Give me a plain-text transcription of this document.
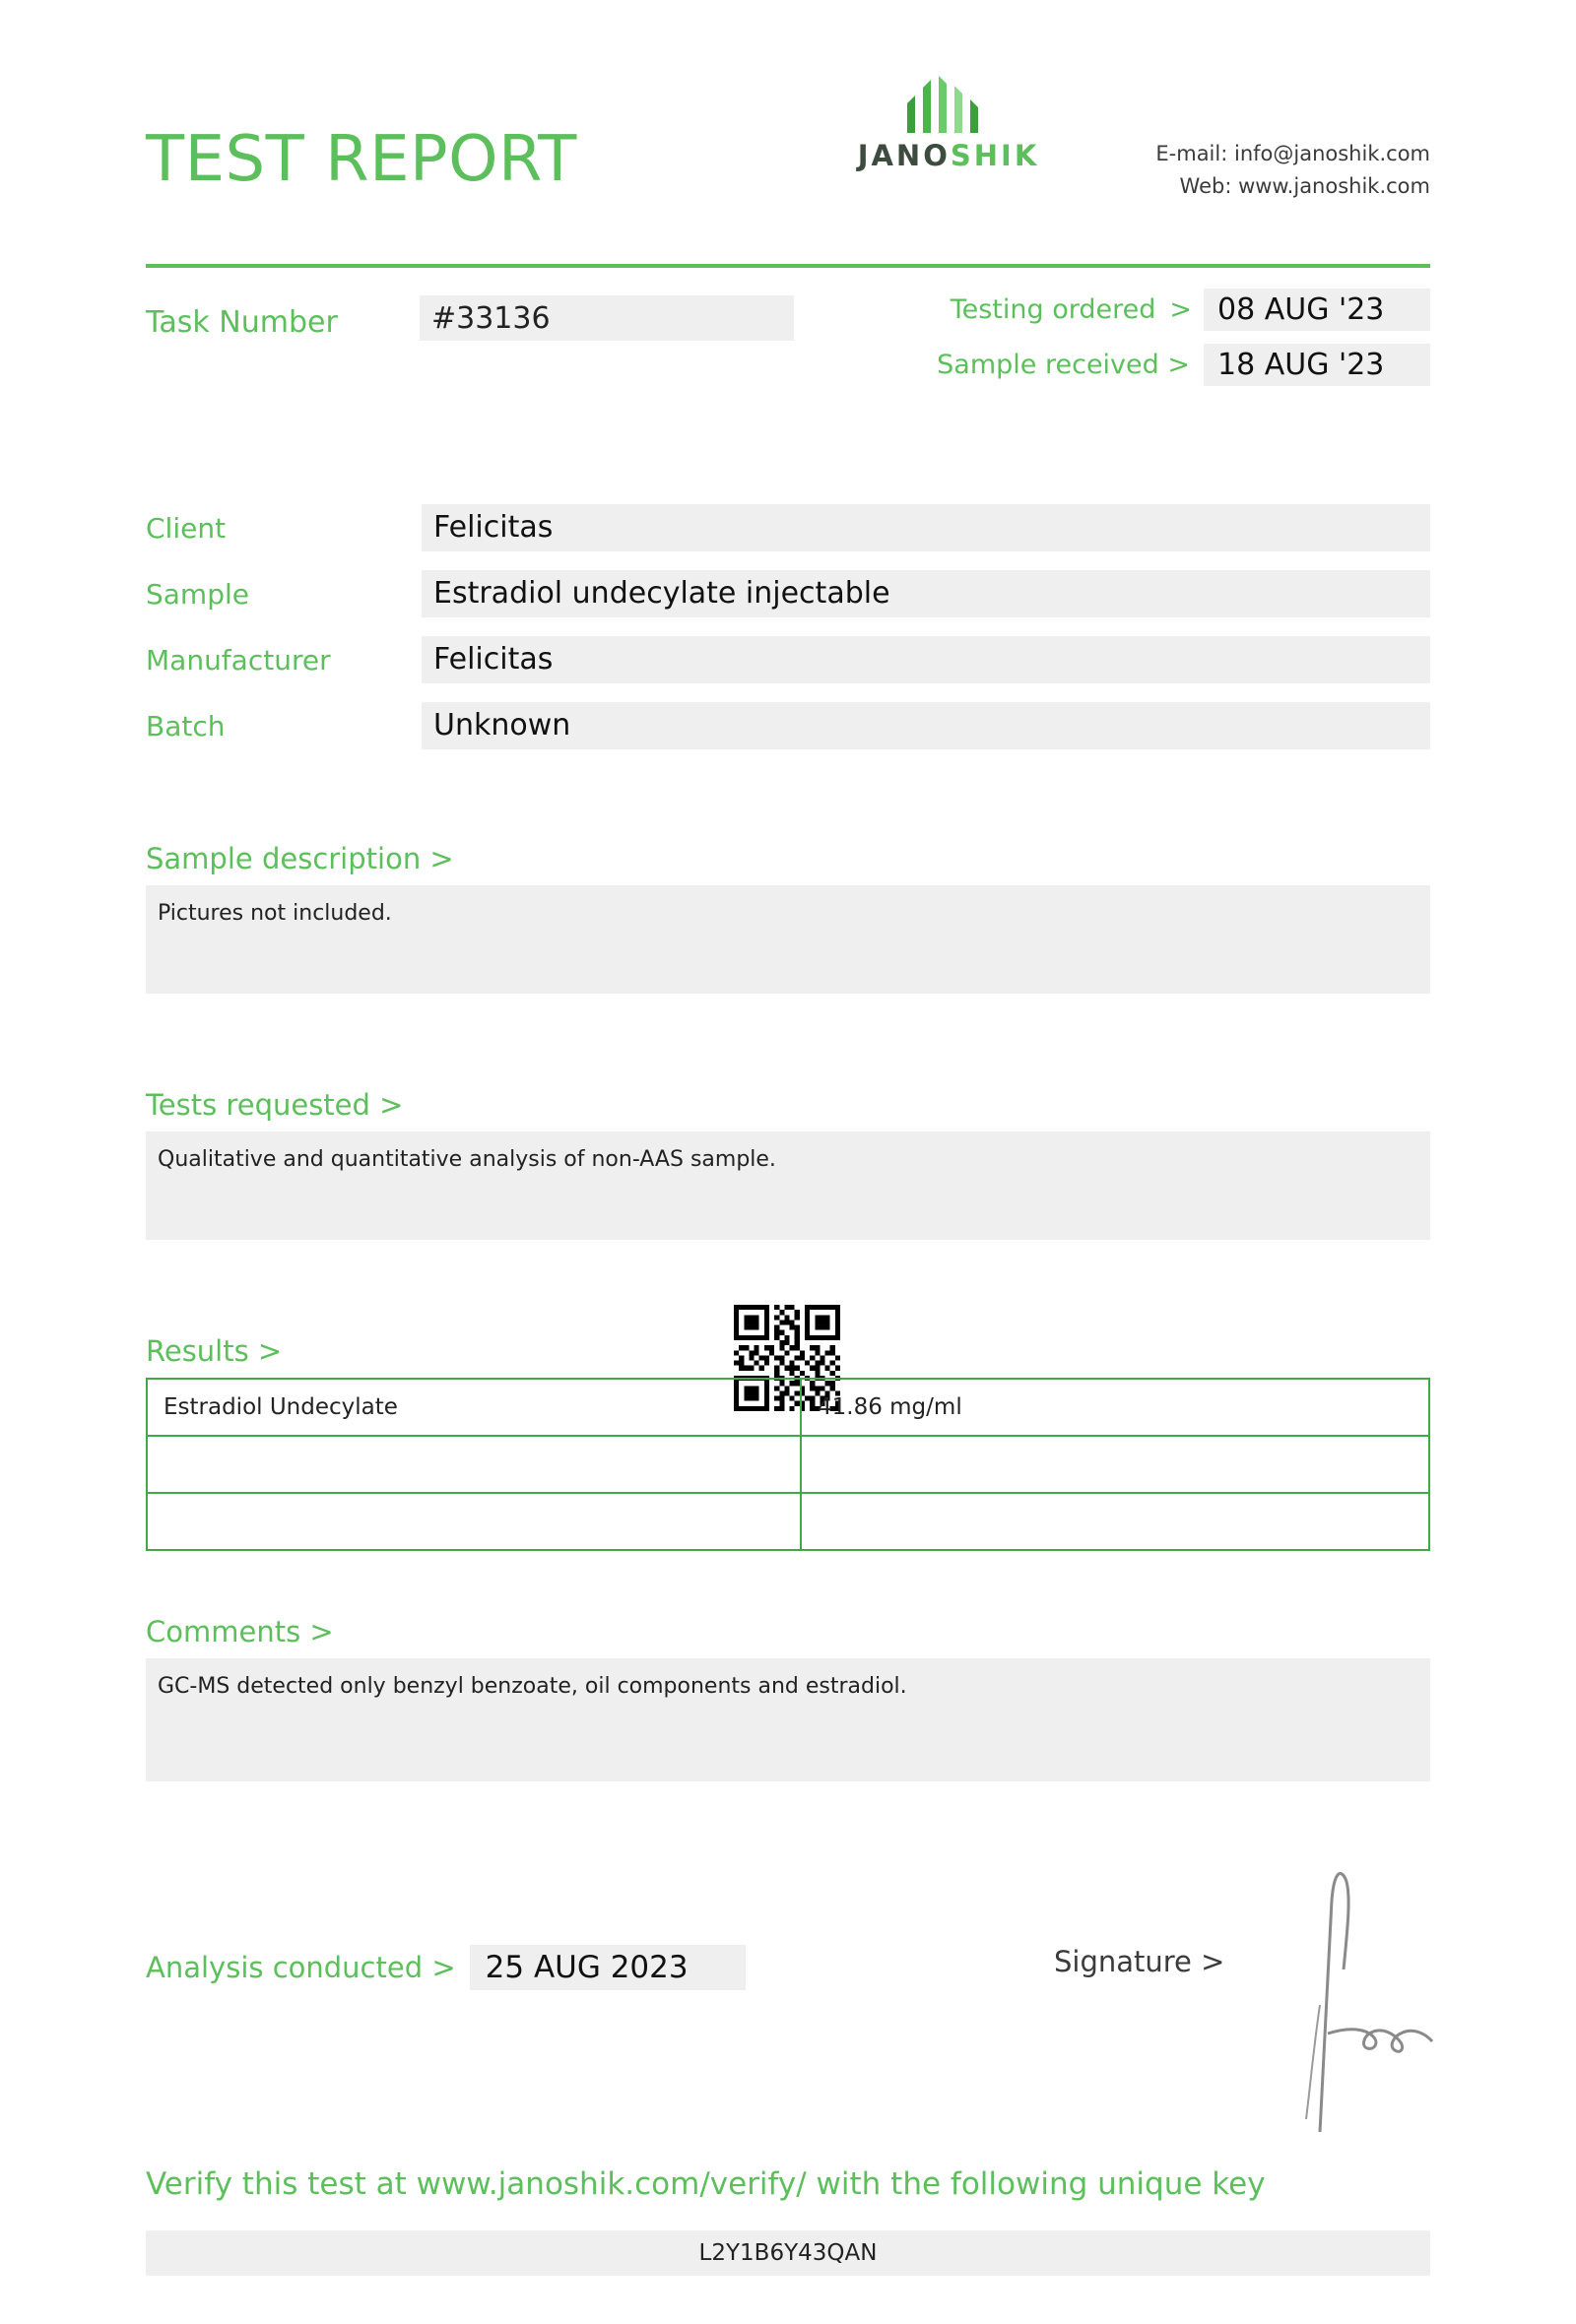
TEST REPORT	JANOSHIK	E-mail: info@janoshik.com
Web: www.janoshik.com
Task Number	#33136	Testing ordered > 08 AUG '23
Sample received > 18 AUG '23
Client	Felicitas
Sample	Estradiol undecylate injectable
Manufacturer	Felicitas
Batch	Unknown
Sample description >
Pictures not included.
Tests requested >
Qualitative and quantitative analysis of non-AAS sample.
Results >
Estradiol Undecylate	41.86 mg/ml

Comments >
GC-MS detected only benzyl benzoate, oil components and estradiol.
Analysis conducted > 25 AUG 2023	Signature >
Verify this test at www.janoshik.com/verify/ with the following unique key
L2Y1B6Y43QAN
